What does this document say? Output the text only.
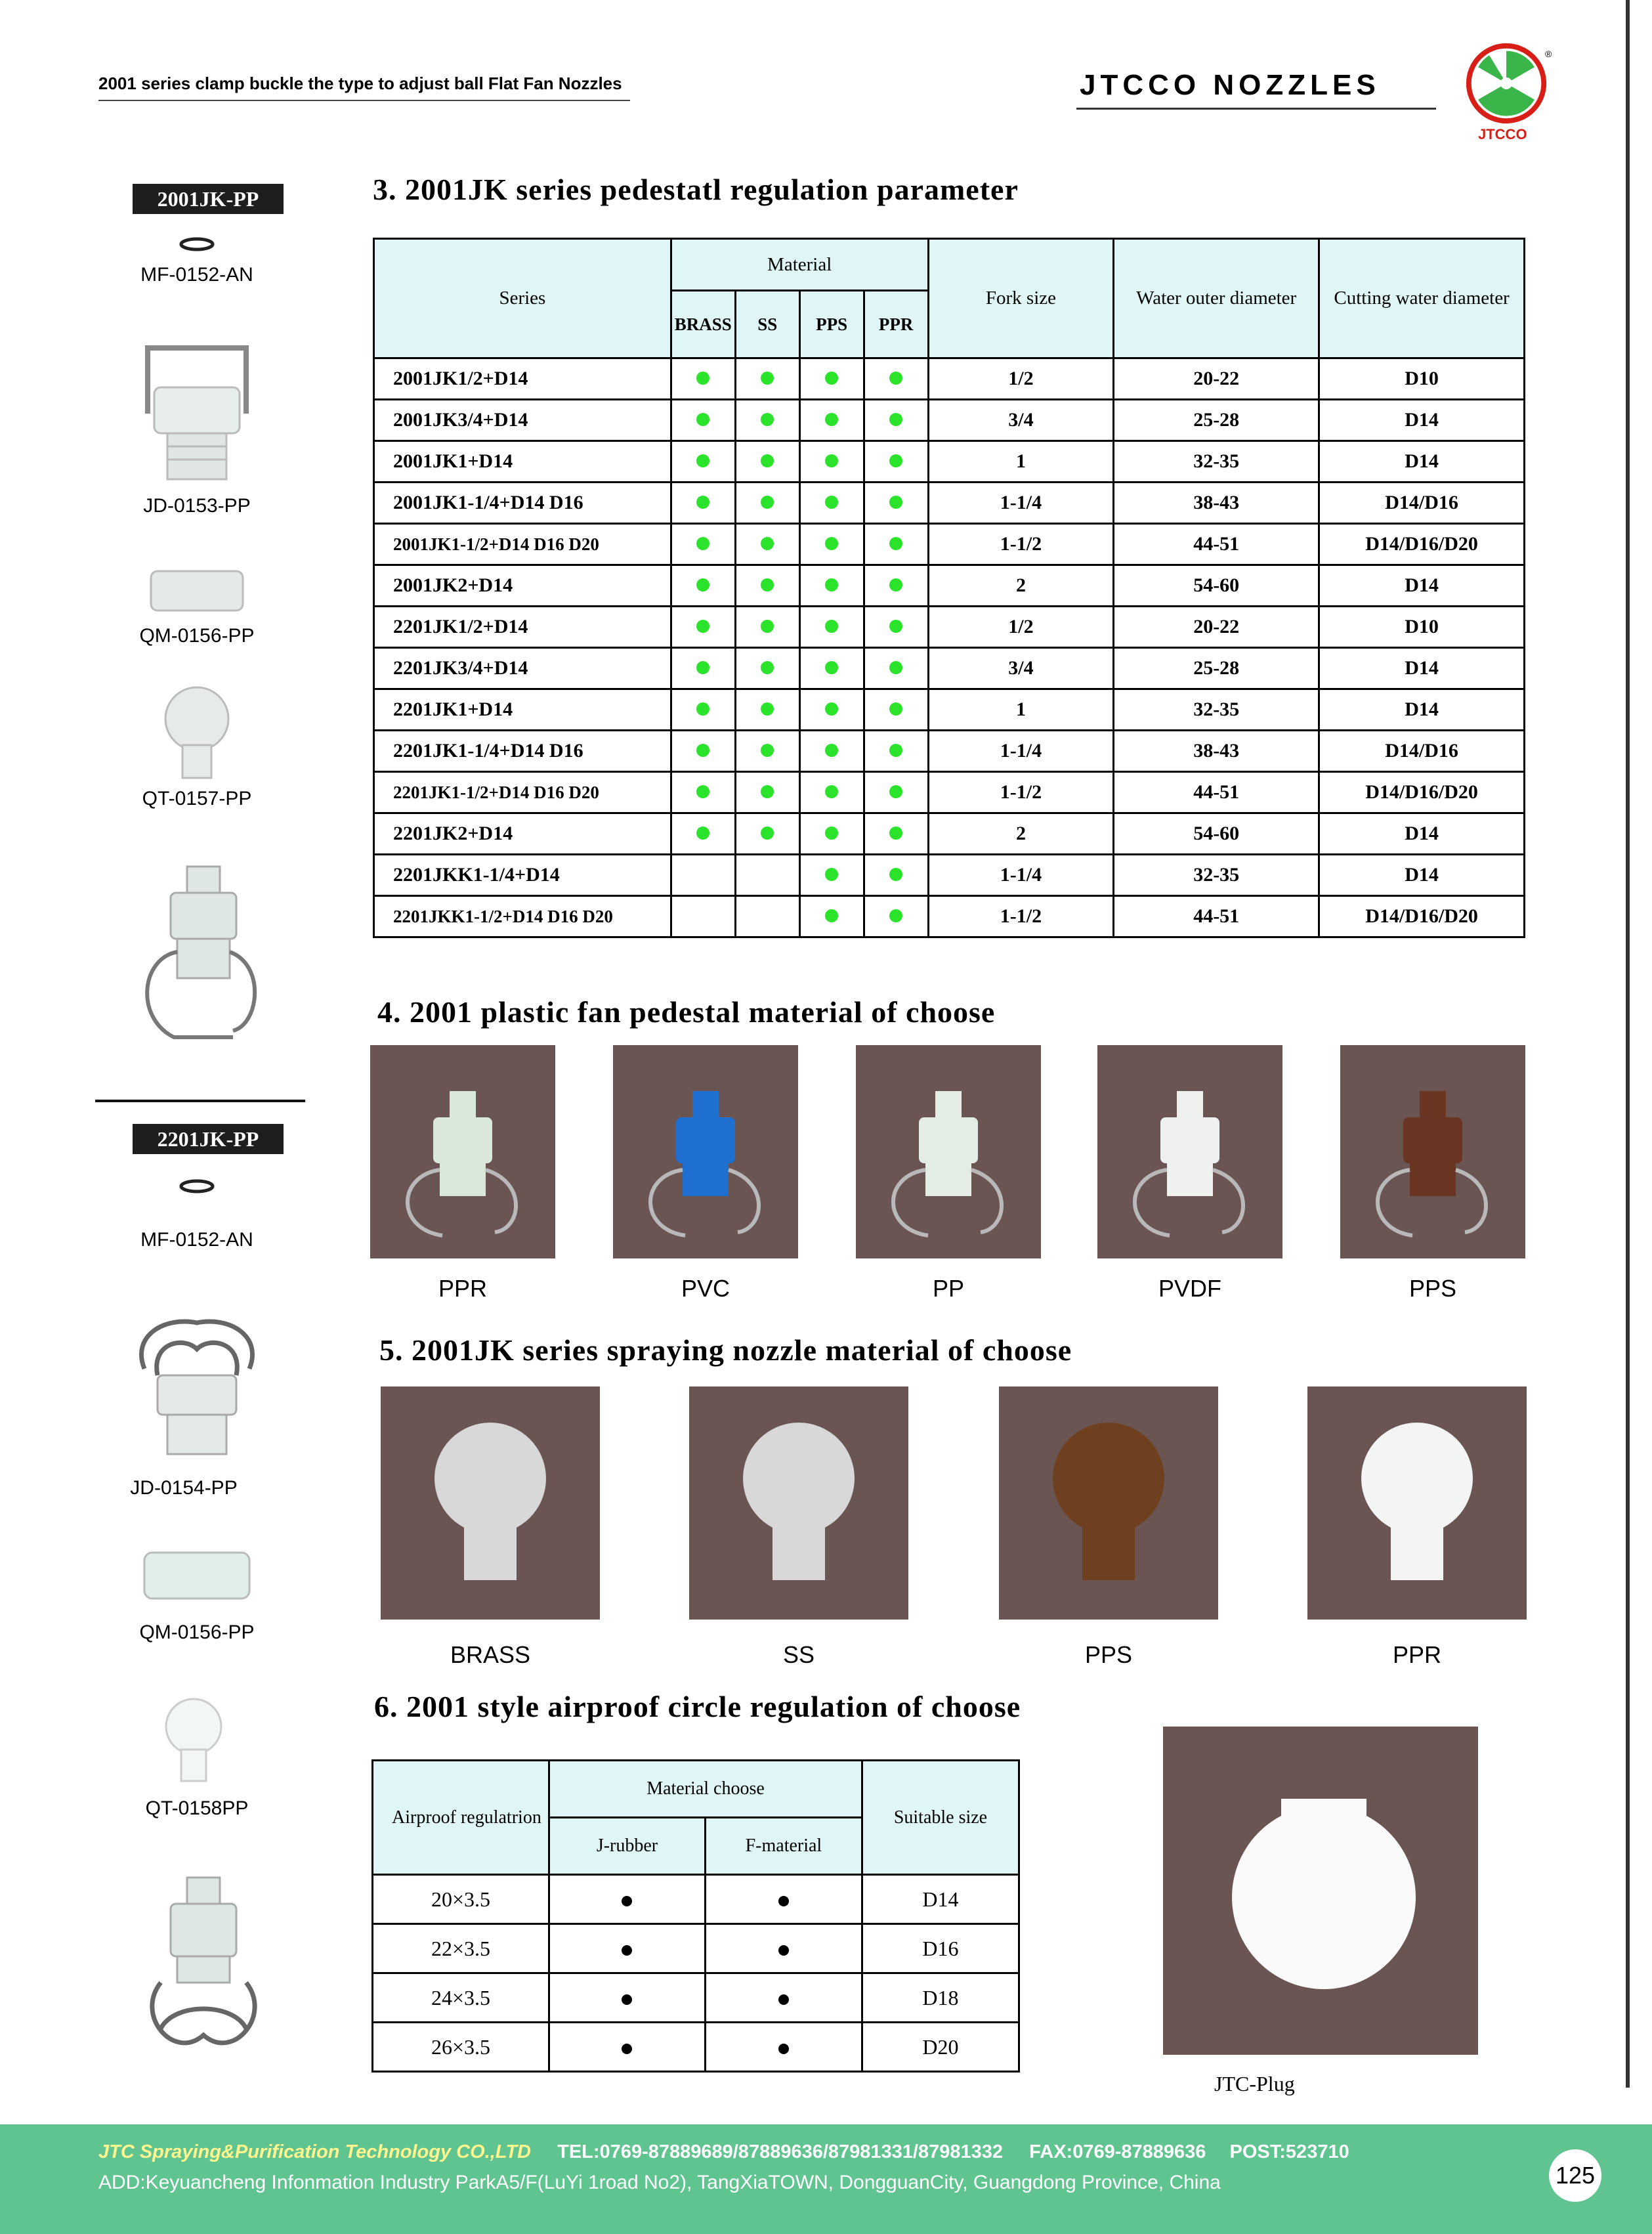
2001 series clamp buckle the type to adjust ball Flat Fan Nozzles	JTCCO NOZZLES
®
JTCCO
2001JK-PP
MF-0152-AN
JD-0153-PP
QM-0156-PP
QT-0157-PP
2201JK-PP
MF-0152-AN
JD-0154-PP
QM-0156-PP
QT-0158PP
3. 2001JK series pedestatl regulation parameter
Series	Material				Fork size	Water outer diameter	Cutting water diameter
	BRASS	SS	PPS	PPR			
2001JK1/2+D14					1/2	20-22	D10
2001JK3/4+D14					3/4	25-28	D14
2001JK1+D14					1	32-35	D14
2001JK1-1/4+D14 D16					1-1/4	38-43	D14/D16
2001JK1-1/2+D14 D16 D20					1-1/2	44-51	D14/D16/D20
2001JK2+D14					2	54-60	D14
2201JK1/2+D14					1/2	20-22	D10
2201JK3/4+D14					3/4	25-28	D14
2201JK1+D14					1	32-35	D14
2201JK1-1/4+D14 D16					1-1/4	38-43	D14/D16
2201JK1-1/2+D14 D16 D20					1-1/2	44-51	D14/D16/D20
2201JK2+D14					2	54-60	D14
2201JKK1-1/4+D14					1-1/4	32-35	D14
2201JKK1-1/2+D14 D16 D20					1-1/2	44-51	D14/D16/D20
4. 2001 plastic fan pedestal material of choose
PPR	PVC	PP	PVDF	PPS
5. 2001JK series spraying nozzle material of choose
BRASS	SS	PPS	PPR
6. 2001 style airproof circle regulation of choose
Airproof regulatrion	Material choose		Suitable size
	J-rubber	F-material	
20×3.5			D14
22×3.5			D16
24×3.5			D18
26×3.5			D20
JTC-Plug
JTC Spraying&Purification Technology CO.,LTD TEL:0769-87889689/87889636/87981331/87981332 FAX:0769-87889636 POST:523710
ADD:Keyuancheng Infonmation Industry ParkA5/F(LuYi 1road No2), TangXiaTOWN, DongguanCity, Guangdong Province, China	125
